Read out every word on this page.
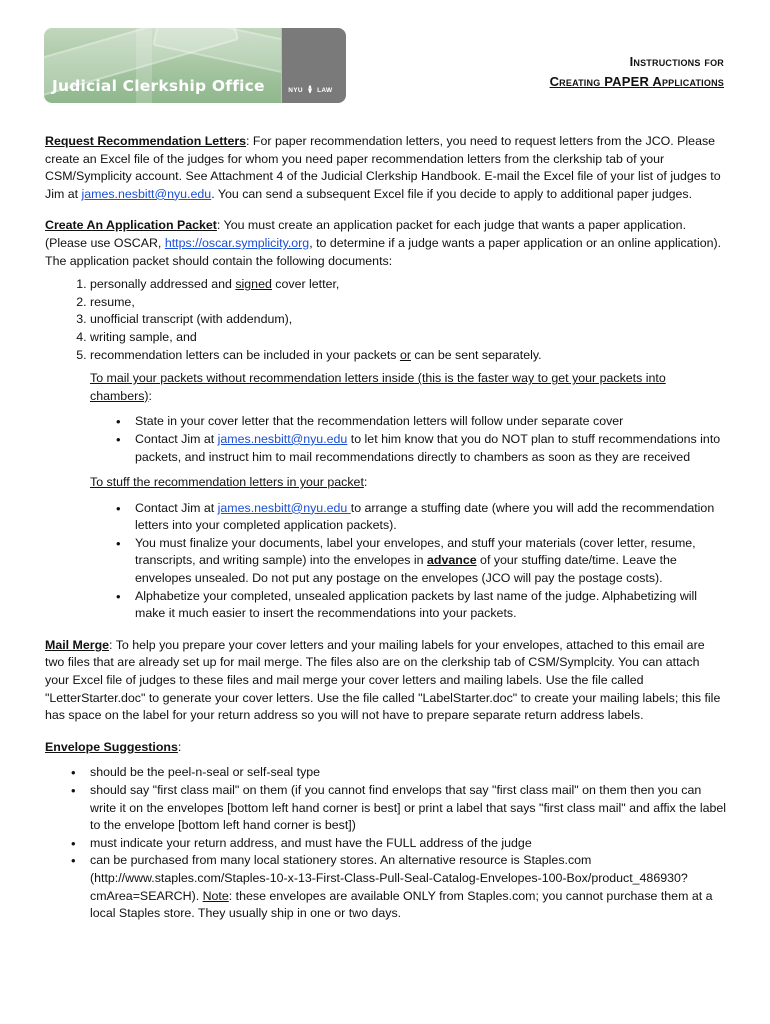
Judicial Clerkship Office	NYU LAW
Instructions for
Creating PAPER Applications

Request Recommendation Letters: For paper recommendation letters, you need to request letters from the JCO. Please create an Excel file of the judges for whom you need paper recommendation letters from the clerkship tab of your CSM/Symplicity account. See Attachment 4 of the Judicial Clerkship Handbook. E-mail the Excel file of your list of judges to Jim at james.nesbitt@nyu.edu. You can send a subsequent Excel file if you decide to apply to additional paper judges.

Create An Application Packet: You must create an application packet for each judge that wants a paper application. (Please use OSCAR, https://oscar.symplicity.org, to determine if a judge wants a paper application or an online application). The application packet should contain the following documents:

1. personally addressed and signed cover letter,
2. resume,
3. unofficial transcript (with addendum),
4. writing sample, and
5. recommendation letters can be included in your packets or can be sent separately.

To mail your packets without recommendation letters inside (this is the faster way to get your packets into chambers):

• State in your cover letter that the recommendation letters will follow under separate cover
• Contact Jim at james.nesbitt@nyu.edu to let him know that you do NOT plan to stuff recommendations into packets, and instruct him to mail recommendations directly to chambers as soon as they are received

To stuff the recommendation letters in your packet:

• Contact Jim at james.nesbitt@nyu.edu to arrange a stuffing date (where you will add the recommendation letters into your completed application packets).
• You must finalize your documents, label your envelopes, and stuff your materials (cover letter, resume, transcripts, and writing sample) into the envelopes in advance of your stuffing date/time. Leave the envelopes unsealed. Do not put any postage on the envelopes (JCO will pay the postage costs).
• Alphabetize your completed, unsealed application packets by last name of the judge. Alphabetizing will make it much easier to insert the recommendations into your packets.

Mail Merge: To help you prepare your cover letters and your mailing labels for your envelopes, attached to this email are two files that are already set up for mail merge. The files also are on the clerkship tab of CSM/Symplcity. You can attach your Excel file of judges to these files and mail merge your cover letters and mailing labels. Use the file called "LetterStarter.doc" to generate your cover letters. Use the file called "LabelStarter.doc" to create your mailing labels; this file has space on the label for your return address so you will not have to prepare separate return address labels.

Envelope Suggestions:

• should be the peel-n-seal or self-seal type
• should say "first class mail" on them (if you cannot find envelops that say "first class mail" on them then you can write it on the envelopes [bottom left hand corner is best] or print a label that says "first class mail" and affix the label to the envelope [bottom left hand corner is best])
• must indicate your return address, and must have the FULL address of the judge
• can be purchased from many local stationery stores. An alternative resource is Staples.com (http://www.staples.com/Staples-10-x-13-First-Class-Pull-Seal-Catalog-Envelopes-100-Box/product_486930?cmArea=SEARCH). Note: these envelopes are available ONLY from Staples.com; you cannot purchase them at a local Staples store. They usually ship in one or two days.
